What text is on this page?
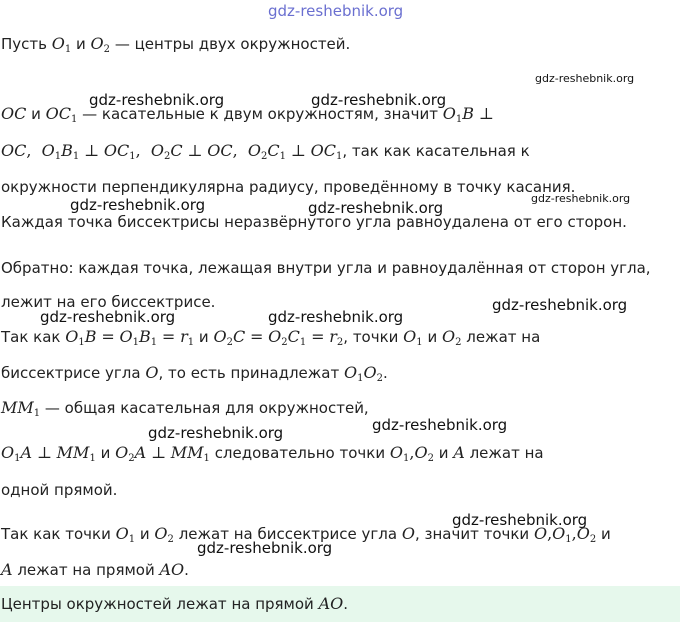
gdz-reshebnik.org
Пусть $O_1$ и $O_2$ — центры двух окружностей.
gdz-reshebnik.org
OC и $OC_1$ — касательные к двум окружностям, значит $O_1B$ ⊥
gdz-reshebnik.org	gdz-reshebnik.org
OC,  $O_1B_1$ ⊥ $OC_1$,  $O_2C$ ⊥ OC,  $O_2C_1$ ⊥ $OC_1$, так как касательная к
окружности перпендикулярна радиусу, проведённому в точку касания.
gdz-reshebnik.org
gdz-reshebnik.org	gdz-reshebnik.org
Каждая точка биссектрисы неразвёрнутого угла равноудалена от его сторон.
Обратно: каждая точка, лежащая внутри угла и равноудалённая от сторон угла,
лежит на его биссектрисе.	gdz-reshebnik.org
gdz-reshebnik.org	gdz-reshebnik.org
Так как $O_1B = O_1B_1 = r_1$ и $O_2C = O_2C_1 = r_2$, точки $O_1$ и $O_2$ лежат на
биссектрисе угла O, то есть принадлежат $O_1O_2$.
$MM_1$ — общая касательная для окружностей,
gdz-reshebnik.org
gdz-reshebnik.org
$O_1A$ ⊥ $MM_1$ и $O_2A$ ⊥ $MM_1$ следовательно точки $O_1,O_2$ и A лежат на
одной прямой.
gdz-reshebnik.org
Так как точки $O_1$ и $O_2$ лежат на биссектрисе угла O, значит точки $O,O_1,O_2$ и
gdz-reshebnik.org
A лежат на прямой AO.
Центры окружностей лежат на прямой AO.
